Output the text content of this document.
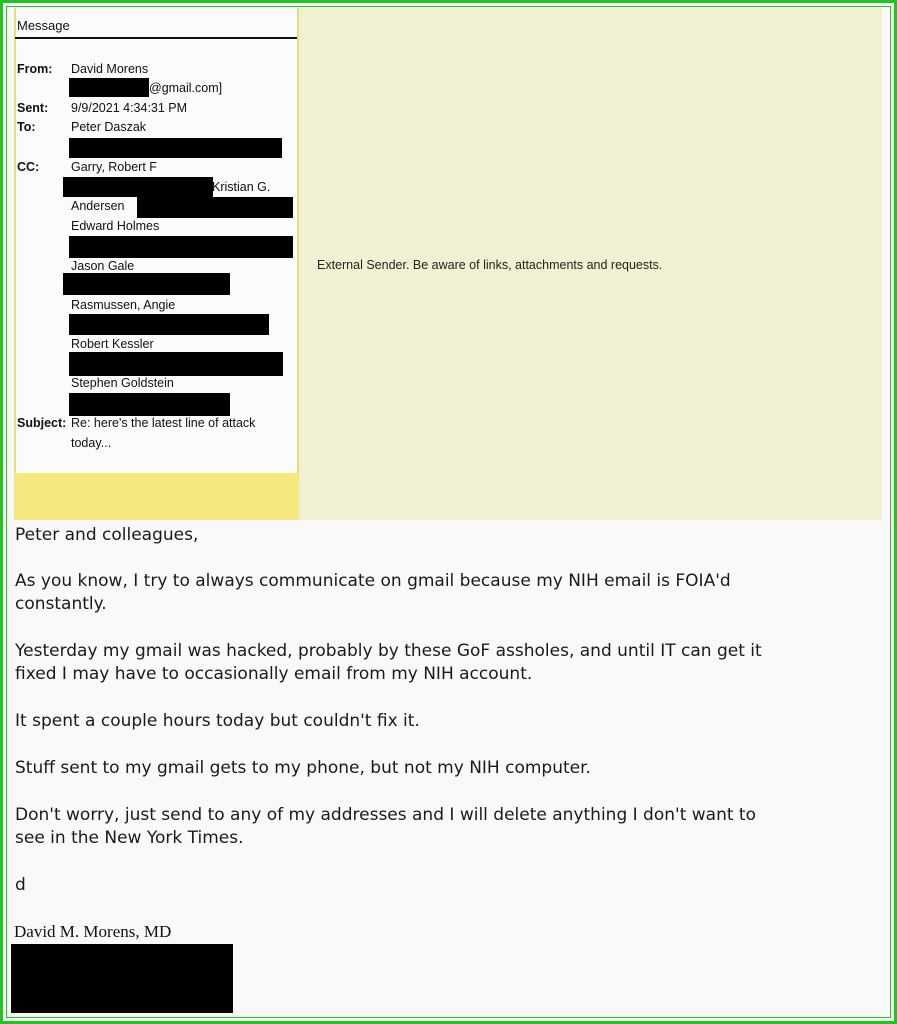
Message
From: David Morens
@gmail.com]
Sent: 9/9/2021 4:34:31 PM
To:	Peter Daszak
CC:	Garry, Robert F
Kristian G.
Andersen
Edward Holmes
Jason Gale
Rasmussen, Angie
Robert Kessler
Stephen Goldstein
Subject: Re: here's the latest line of attack
today...
External Sender. Be aware of links, attachments and requests.
Peter and colleagues,
As you know, I try to always communicate on gmail because my NIH email is FOIA'd
constantly.
Yesterday my gmail was hacked, probably by these GoF assholes, and until IT can get it
fixed I may have to occasionally email from my NIH account.
It spent a couple hours today but couldn't fix it.
Stuff sent to my gmail gets to my phone, but not my NIH computer.
Don't worry, just send to any of my addresses and I will delete anything I don't want to
see in the New York Times.
d
David M. Morens, MD
